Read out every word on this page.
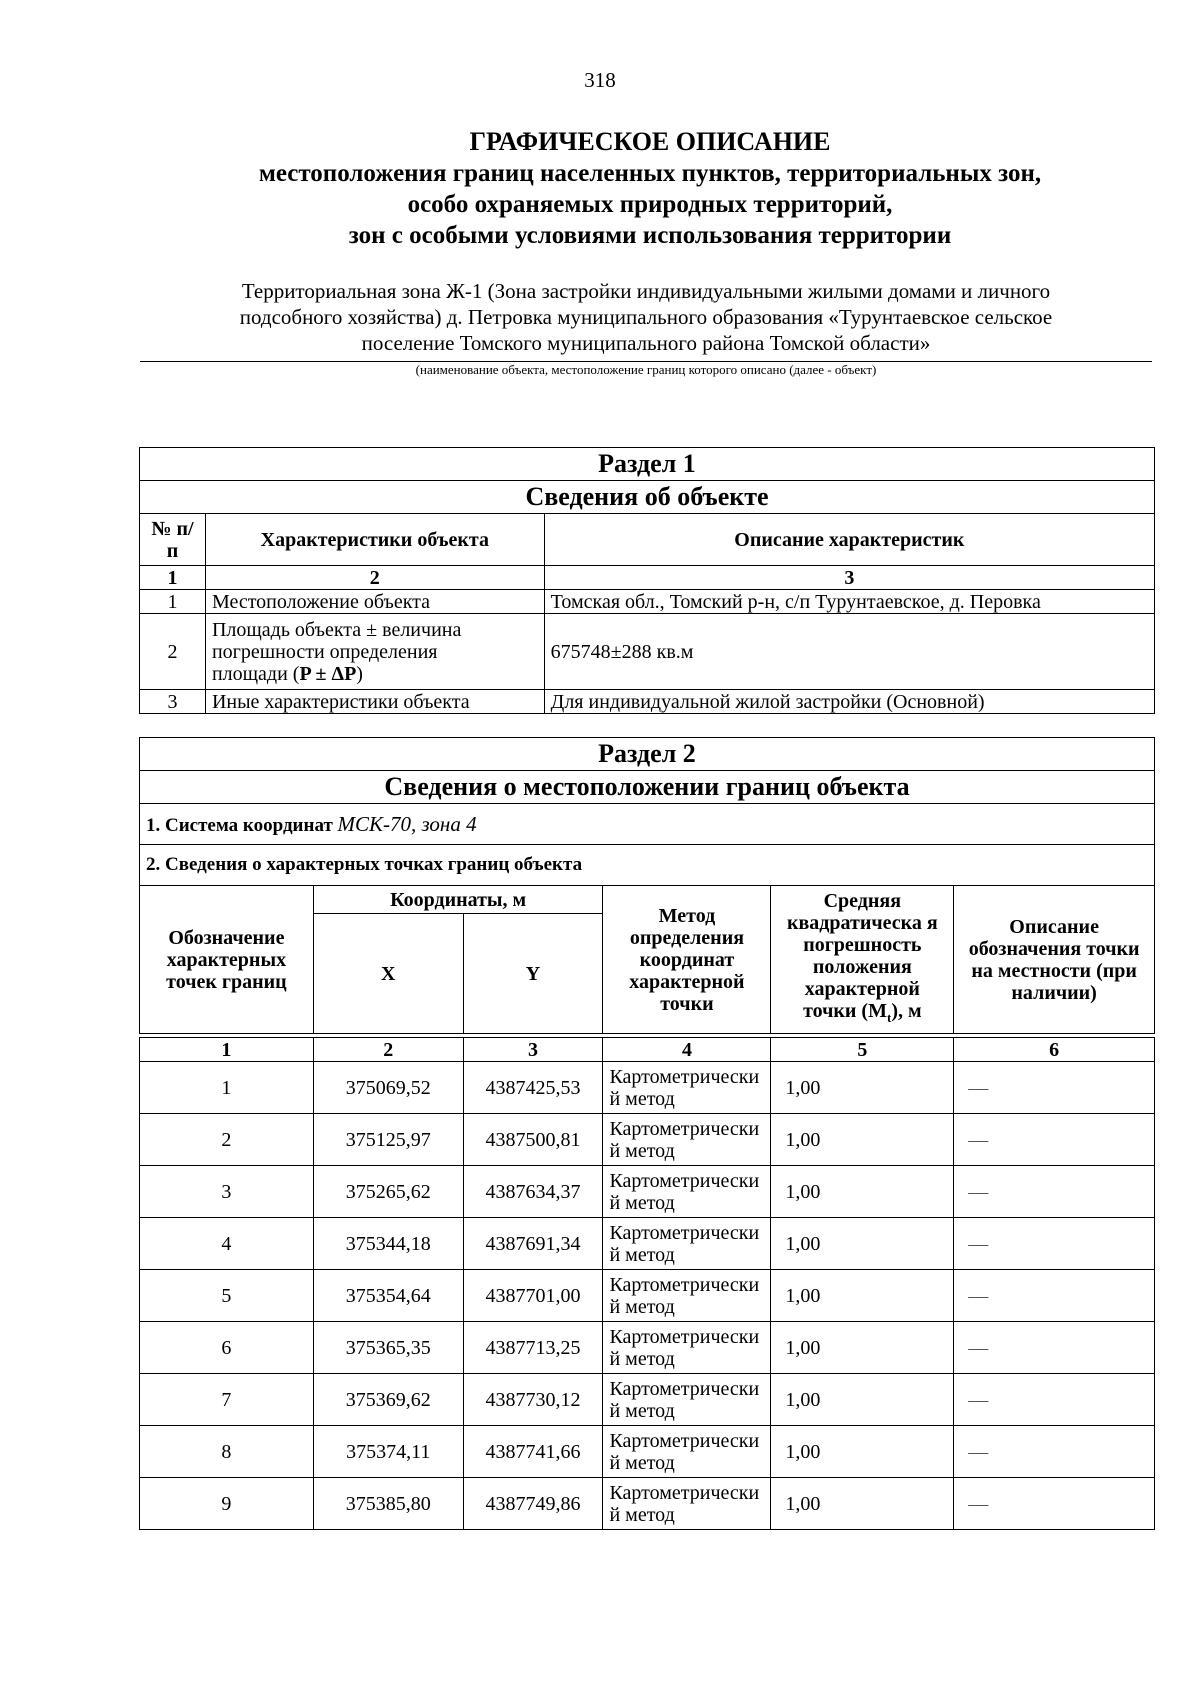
318
ГРАФИЧЕСКОЕ ОПИСАНИЕ
местоположения границ населенных пунктов, территориальных зон,
особо охраняемых природных территорий,
зон с особыми условиями использования территории
Территориальная зона Ж-1 (Зона застройки индивидуальными жилыми домами и личного
подсобного хозяйства) д. Петровка муниципального образования «Турунтаевское сельское
поселение Томского муниципального района Томской области»
(наименование объекта, местоположение границ которого описано (далее - объект)
Раздел 1		
Сведения об объекте		
№ п/п	Характеристики объекта	Описание характеристик
1	2	3
1	Местоположение объекта	Томская обл., Томский р-н, с/п Турунтаевское, д. Перовка
2	Площадь объекта ± величина
погрешности определения
площади (P ± ΔP)	675748±288 кв.м
3	Иные характеристики объекта	Для индивидуальной жилой застройки (Основной)
Раздел 2					
Сведения о местоположении границ объекта					
1. Система координат МСК-70, зона 4					
2. Сведения о характерных точках границ объекта					
Обозначение характерных точек границ	Координаты, м		Метод определения координат характерной точки	Средняя квадратическа я погрешность положения характерной точки $(M_t)$, м	Описание обозначения точки на местности (при наличии)
	X	Y			

1	2	3	4	5	6
1	375069,52	4387425,53	Картометрически й метод	1,00	—
2	375125,97	4387500,81	Картометрически й метод	1,00	—
3	375265,62	4387634,37	Картометрически й метод	1,00	—
4	375344,18	4387691,34	Картометрически й метод	1,00	—
5	375354,64	4387701,00	Картометрически й метод	1,00	—
6	375365,35	4387713,25	Картометрически й метод	1,00	—
7	375369,62	4387730,12	Картометрически й метод	1,00	—
8	375374,11	4387741,66	Картометрически й метод	1,00	—
9	375385,80	4387749,86	Картометрически й метод	1,00	—
